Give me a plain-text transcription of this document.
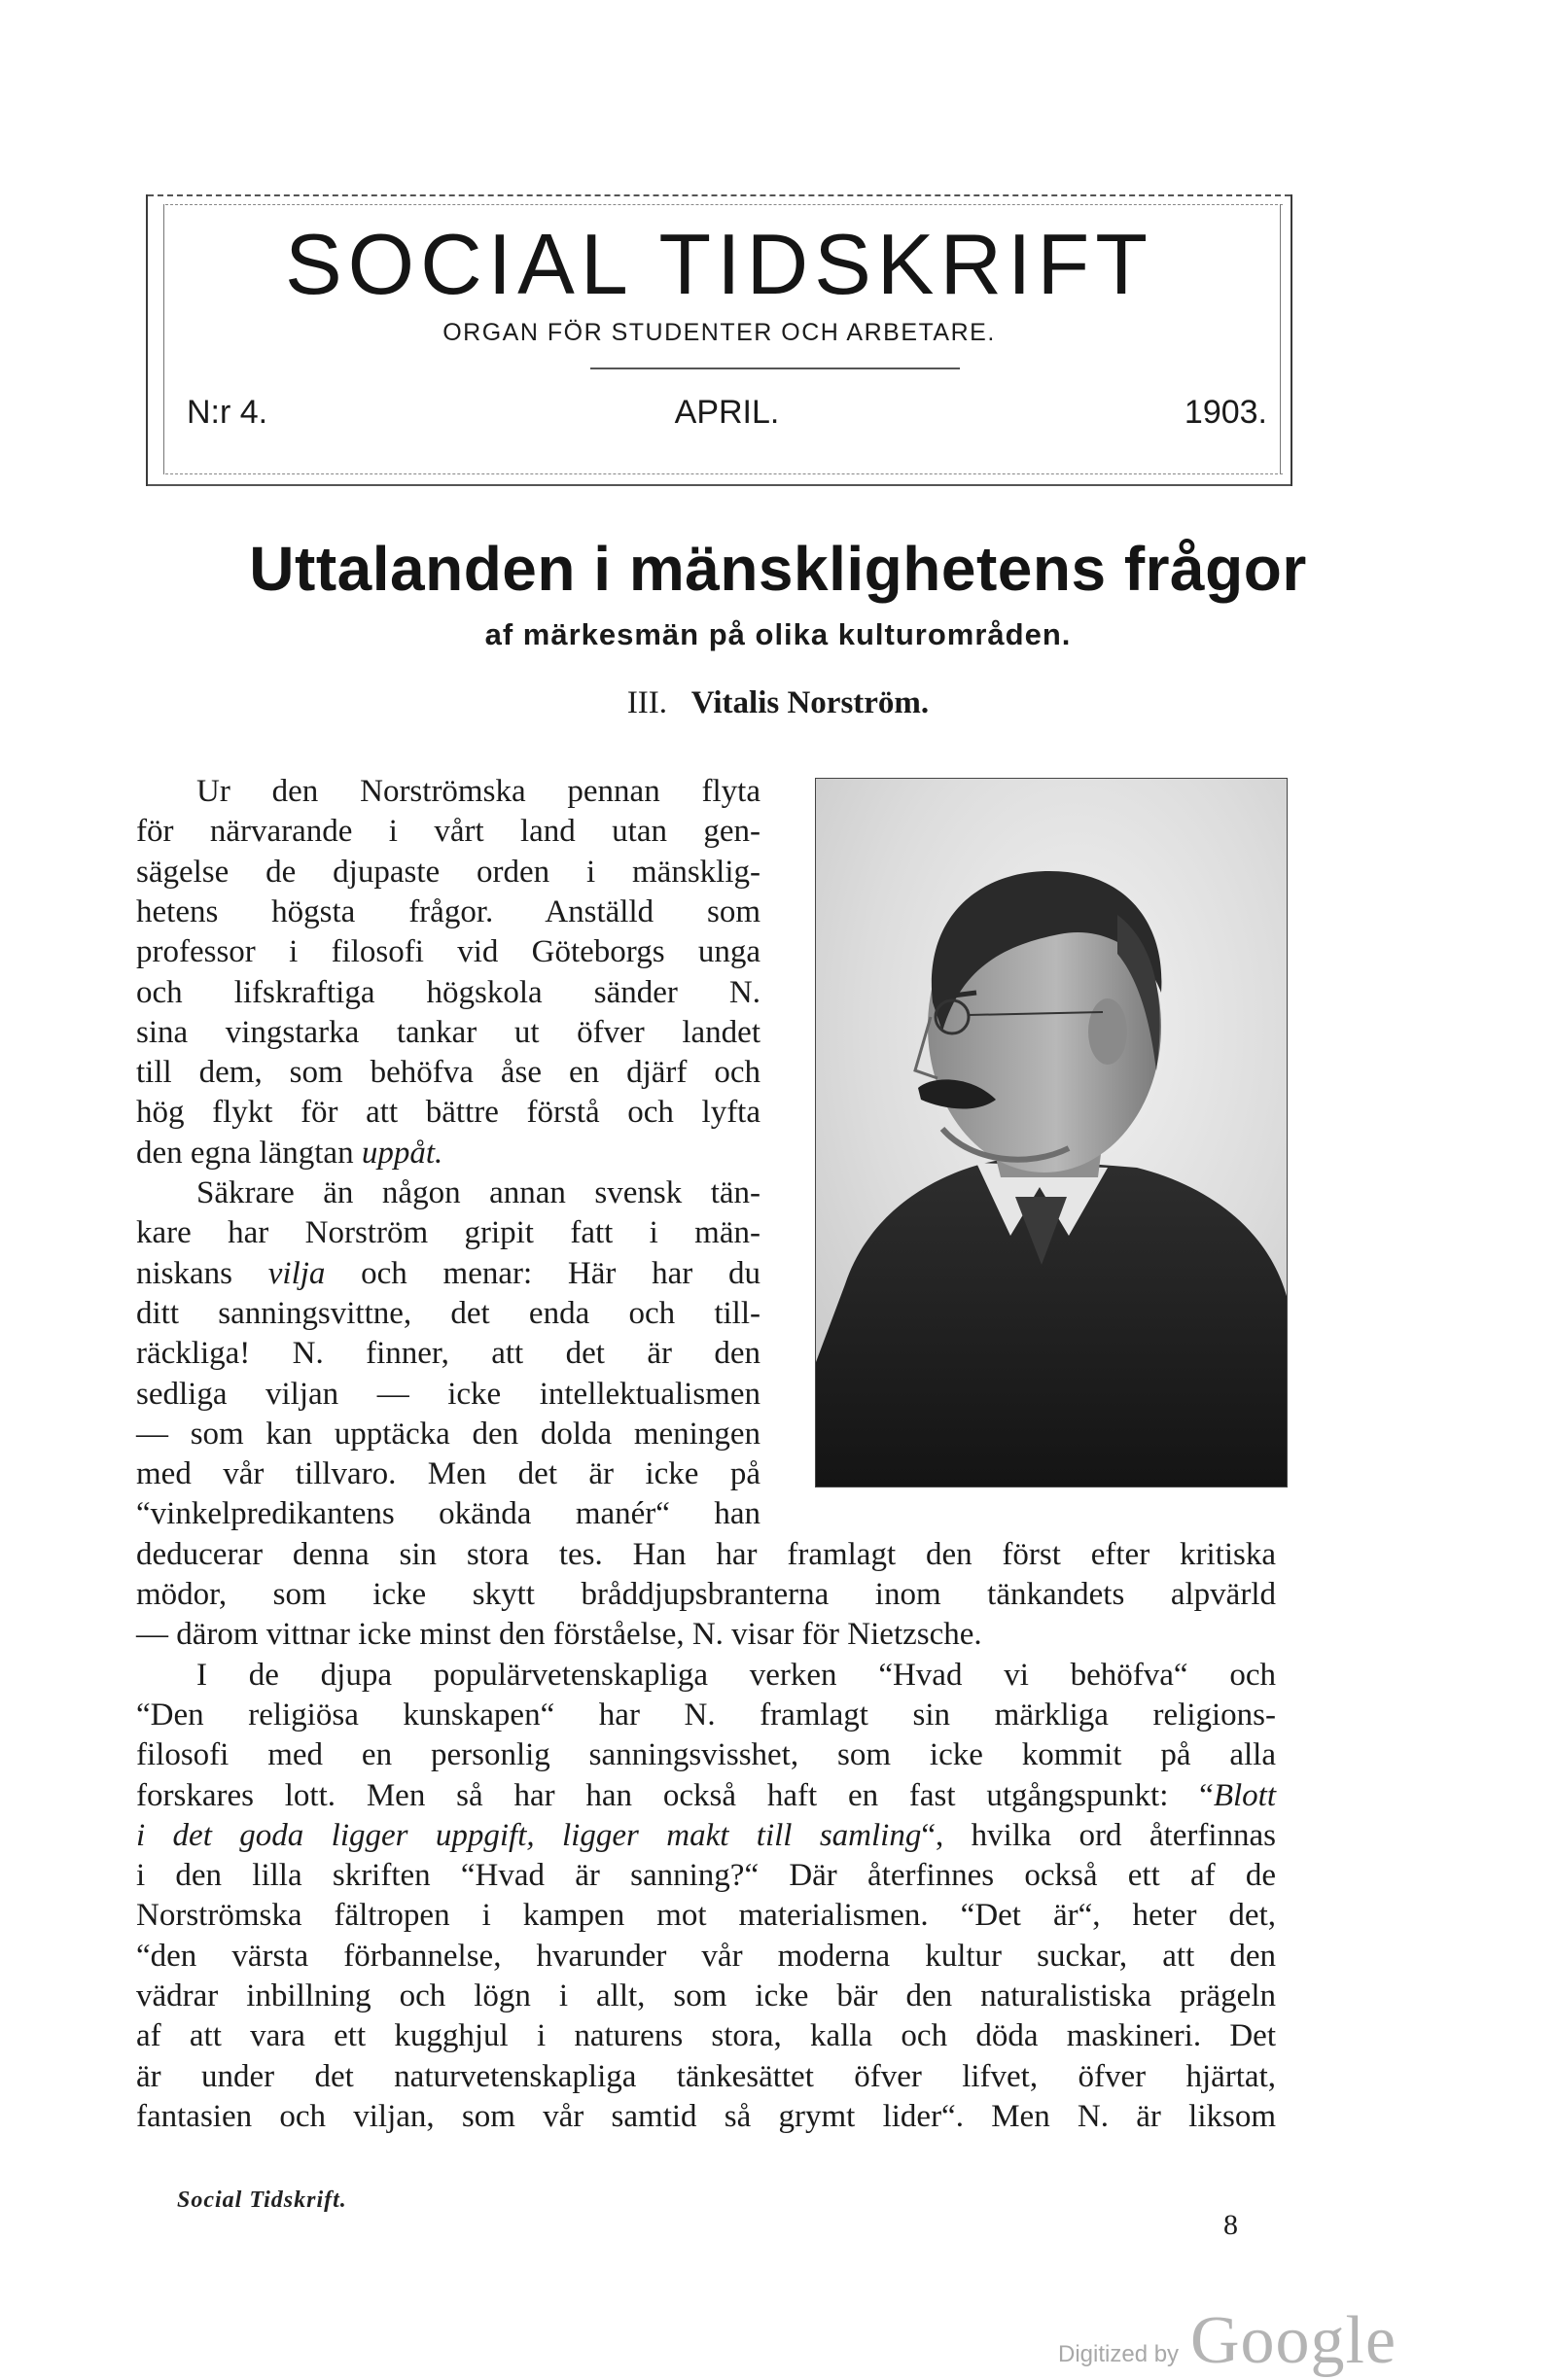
SOCIAL TIDSKRIFT
ORGAN FÖR STUDENTER OCH ARBETARE.
N:r 4.	APRIL.	1903.
Uttalanden i mänsklighetens frågor
af märkesmän på olika kulturområden.
III. Vitalis Norström.
Ur den Norströmska pennan flyta
för närvarande i vårt land utan gen-
sägelse de djupaste orden i mänsklig-
hetens högsta frågor. Anställd som
professor i filosofi vid Göteborgs unga
och lifskraftiga högskola sänder N.
sina vingstarka tankar ut öfver landet
till dem, som behöfva åse en djärf och
hög flykt för att bättre förstå och lyfta
den egna längtan uppåt.
Säkrare än någon annan svensk tän-
kare har Norström gripit fatt i män-
niskans vilja och menar: Här har du
ditt sanningsvittne, det enda och till-
räckliga! N. finner, att det är den
sedliga viljan — icke intellektualismen
— som kan upptäcka den dolda meningen
med vår tillvaro. Men det är icke på
“vinkelpredikantens okända manér“ han
deducerar denna sin stora tes. Han har framlagt den först efter kritiska
mödor, som icke skytt bråddjupsbranterna inom tänkandets alpvärld
— därom vittnar icke minst den förståelse, N. visar för Nietzsche.
I de djupa populärvetenskapliga verken “Hvad vi behöfva“ och
“Den religiösa kunskapen“ har N. framlagt sin märkliga religions-
filosofi med en personlig sanningsvisshet, som icke kommit på alla
forskares lott. Men så har han också haft en fast utgångspunkt: “Blott
i det goda ligger uppgift, ligger makt till samling“, hvilka ord återfinnas
i den lilla skriften “Hvad är sanning?“ Där återfinnes också ett af de
Norströmska fältropen i kampen mot materialismen. “Det är“, heter det,
“den värsta förbannelse, hvarunder vår moderna kultur suckar, att den
vädrar inbillning och lögn i allt, som icke bär den naturalistiska prägeln
af att vara ett kugghjul i naturens stora, kalla och döda maskineri. Det
är under det naturvetenskapliga tänkesättet öfver lifvet, öfver hjärtat,
fantasien och viljan, som vår samtid så grymt lider“. Men N. är liksom
Social Tidskrift.
8
Digitized by Google
